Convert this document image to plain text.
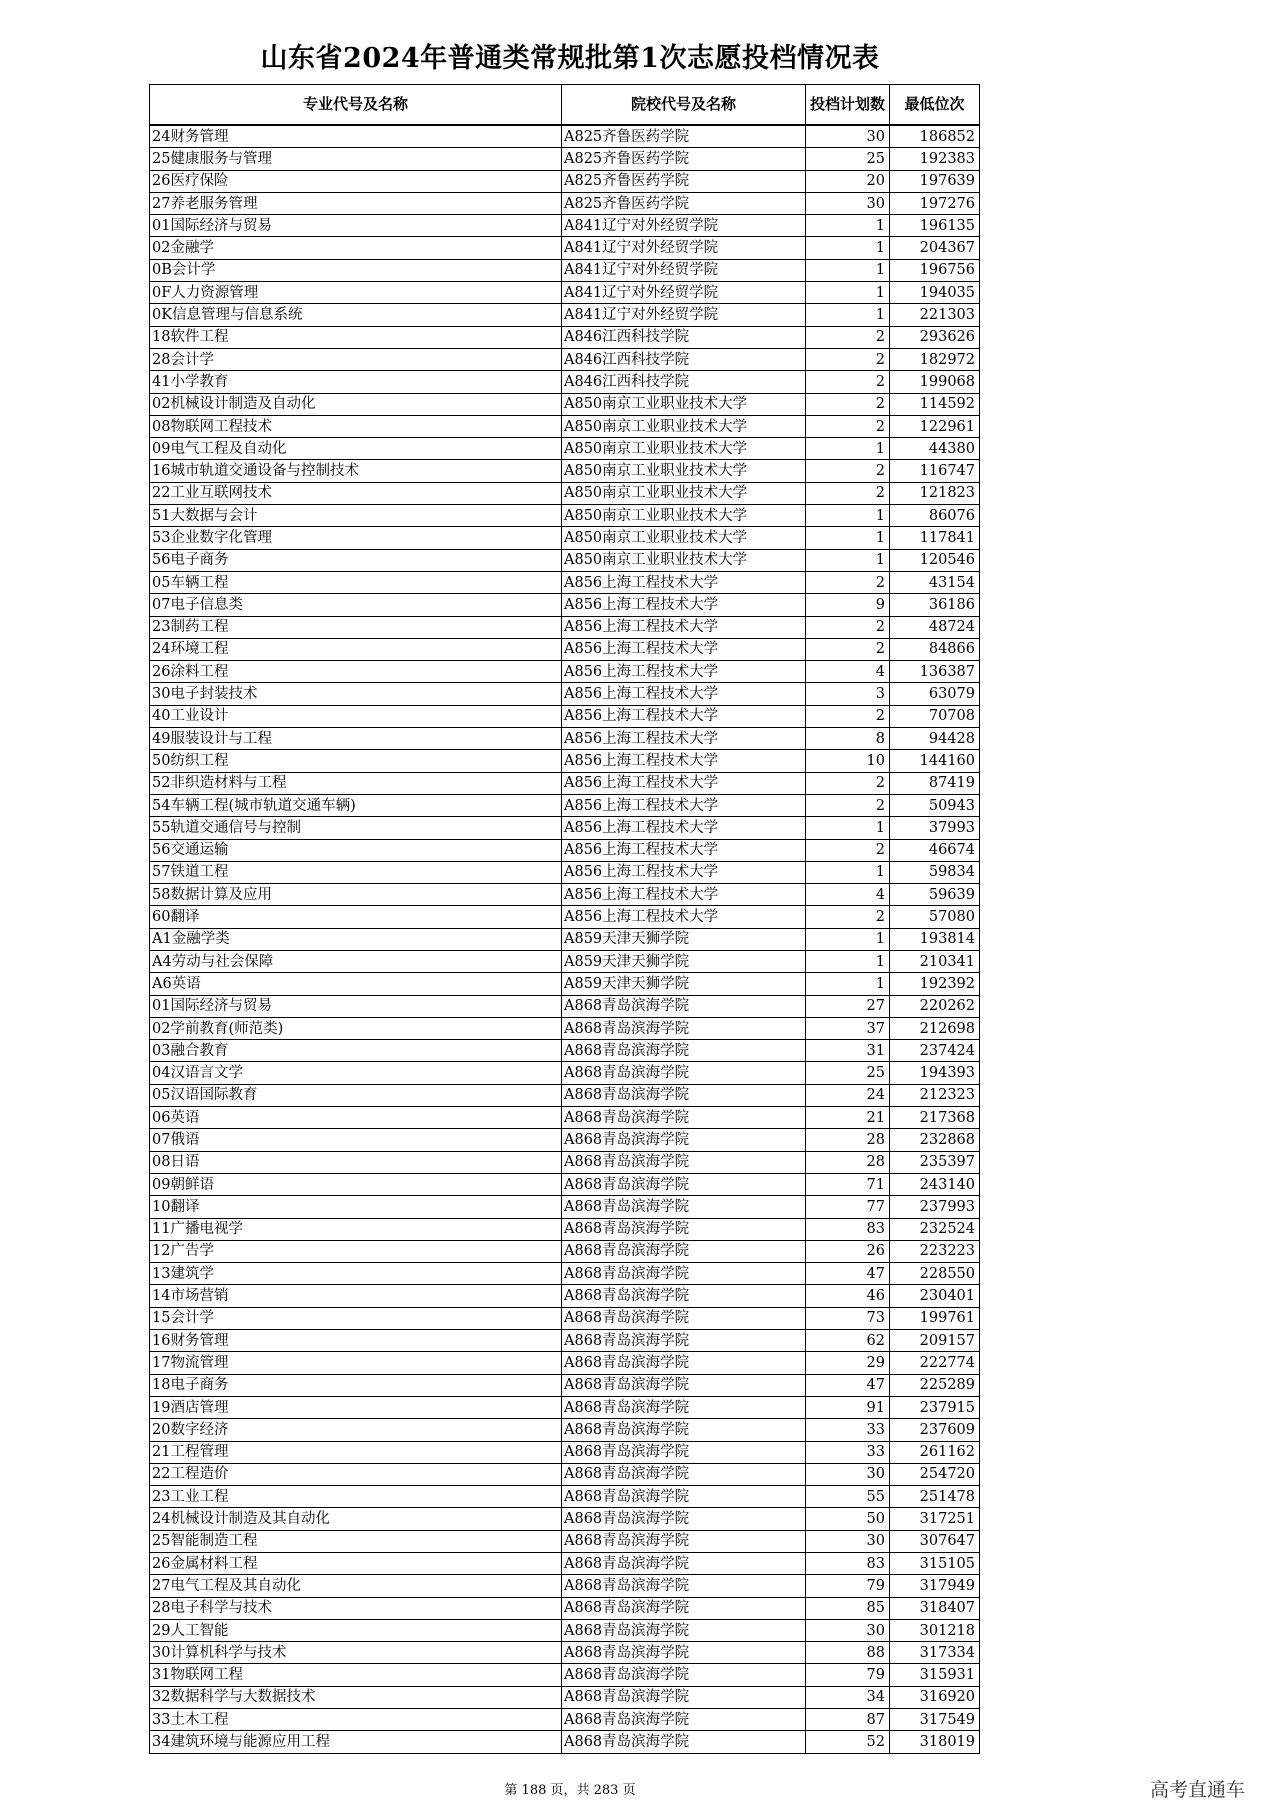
山东省2024年普通类常规批第1次志愿投档情况表
专业代号及名称	院校代号及名称	投档计划数	最低位次
24财务管理	A825齐鲁医药学院	30	186852
25健康服务与管理	A825齐鲁医药学院	25	192383
26医疗保险	A825齐鲁医药学院	20	197639
27养老服务管理	A825齐鲁医药学院	30	197276
01国际经济与贸易	A841辽宁对外经贸学院	1	196135
02金融学	A841辽宁对外经贸学院	1	204367
0B会计学	A841辽宁对外经贸学院	1	196756
0F人力资源管理	A841辽宁对外经贸学院	1	194035
0K信息管理与信息系统	A841辽宁对外经贸学院	1	221303
18软件工程	A846江西科技学院	2	293626
28会计学	A846江西科技学院	2	182972
41小学教育	A846江西科技学院	2	199068
02机械设计制造及自动化	A850南京工业职业技术大学	2	114592
08物联网工程技术	A850南京工业职业技术大学	2	122961
09电气工程及自动化	A850南京工业职业技术大学	1	44380
16城市轨道交通设备与控制技术	A850南京工业职业技术大学	2	116747
22工业互联网技术	A850南京工业职业技术大学	2	121823
51大数据与会计	A850南京工业职业技术大学	1	86076
53企业数字化管理	A850南京工业职业技术大学	1	117841
56电子商务	A850南京工业职业技术大学	1	120546
05车辆工程	A856上海工程技术大学	2	43154
07电子信息类	A856上海工程技术大学	9	36186
23制药工程	A856上海工程技术大学	2	48724
24环境工程	A856上海工程技术大学	2	84866
26涂料工程	A856上海工程技术大学	4	136387
30电子封装技术	A856上海工程技术大学	3	63079
40工业设计	A856上海工程技术大学	2	70708
49服装设计与工程	A856上海工程技术大学	8	94428
50纺织工程	A856上海工程技术大学	10	144160
52非织造材料与工程	A856上海工程技术大学	2	87419
54车辆工程(城市轨道交通车辆)	A856上海工程技术大学	2	50943
55轨道交通信号与控制	A856上海工程技术大学	1	37993
56交通运输	A856上海工程技术大学	2	46674
57铁道工程	A856上海工程技术大学	1	59834
58数据计算及应用	A856上海工程技术大学	4	59639
60翻译	A856上海工程技术大学	2	57080
A1金融学类	A859天津天狮学院	1	193814
A4劳动与社会保障	A859天津天狮学院	1	210341
A6英语	A859天津天狮学院	1	192392
01国际经济与贸易	A868青岛滨海学院	27	220262
02学前教育(师范类)	A868青岛滨海学院	37	212698
03融合教育	A868青岛滨海学院	31	237424
04汉语言文学	A868青岛滨海学院	25	194393
05汉语国际教育	A868青岛滨海学院	24	212323
06英语	A868青岛滨海学院	21	217368
07俄语	A868青岛滨海学院	28	232868
08日语	A868青岛滨海学院	28	235397
09朝鲜语	A868青岛滨海学院	71	243140
10翻译	A868青岛滨海学院	77	237993
11广播电视学	A868青岛滨海学院	83	232524
12广告学	A868青岛滨海学院	26	223223
13建筑学	A868青岛滨海学院	47	228550
14市场营销	A868青岛滨海学院	46	230401
15会计学	A868青岛滨海学院	73	199761
16财务管理	A868青岛滨海学院	62	209157
17物流管理	A868青岛滨海学院	29	222774
18电子商务	A868青岛滨海学院	47	225289
19酒店管理	A868青岛滨海学院	91	237915
20数字经济	A868青岛滨海学院	33	237609
21工程管理	A868青岛滨海学院	33	261162
22工程造价	A868青岛滨海学院	30	254720
23工业工程	A868青岛滨海学院	55	251478
24机械设计制造及其自动化	A868青岛滨海学院	50	317251
25智能制造工程	A868青岛滨海学院	30	307647
26金属材料工程	A868青岛滨海学院	83	315105
27电气工程及其自动化	A868青岛滨海学院	79	317949
28电子科学与技术	A868青岛滨海学院	85	318407
29人工智能	A868青岛滨海学院	30	301218
30计算机科学与技术	A868青岛滨海学院	88	317334
31物联网工程	A868青岛滨海学院	79	315931
32数据科学与大数据技术	A868青岛滨海学院	34	316920
33土木工程	A868青岛滨海学院	87	317549
34建筑环境与能源应用工程	A868青岛滨海学院	52	318019
第 188 页，共 283 页	高考直通车
